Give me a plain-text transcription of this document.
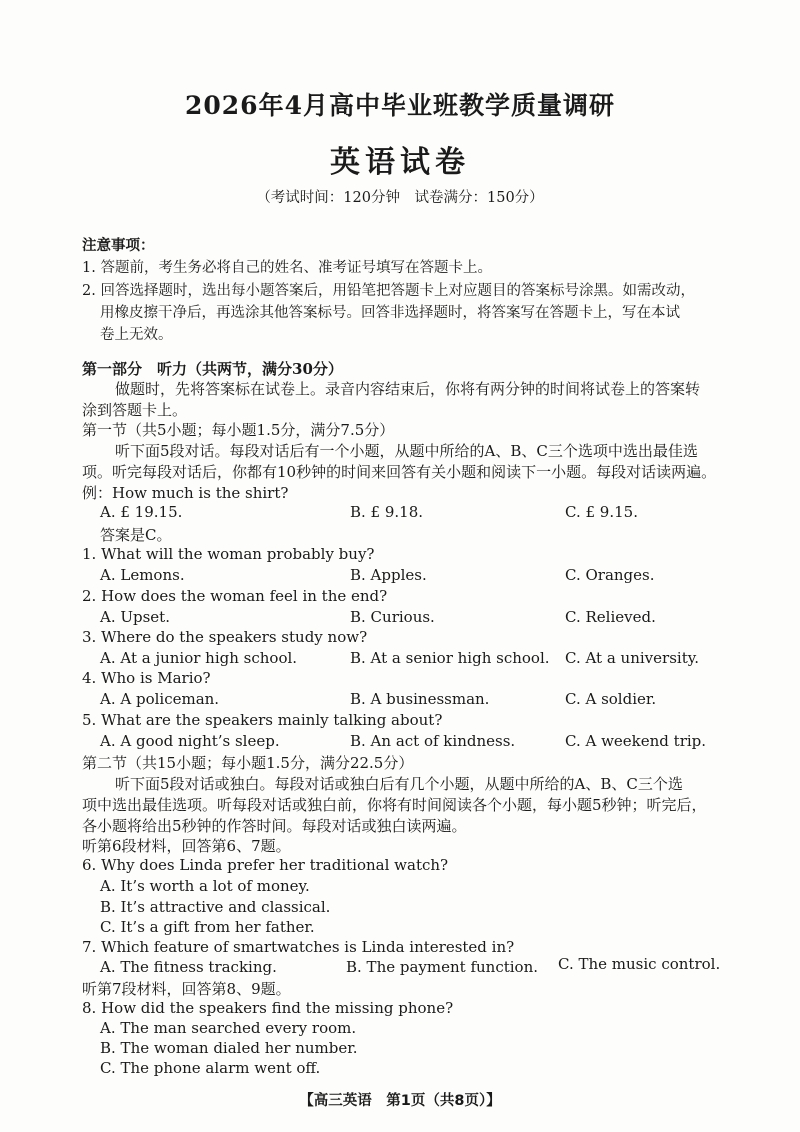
2026年4月高中毕业班教学质量调研
英语试卷
（考试时间：120分钟　试卷满分：150分）
注意事项：
1. 答题前，考生务必将自己的姓名、准考证号填写在答题卡上。
2. 回答选择题时，选出每小题答案后，用铅笔把答题卡上对应题目的答案标号涂黑。如需改动，
用橡皮擦干净后，再选涂其他答案标号。回答非选择题时，将答案写在答题卡上，写在本试
卷上无效。
第一部分　听力（共两节，满分30分）
做题时，先将答案标在试卷上。录音内容结束后，你将有两分钟的时间将试卷上的答案转
涂到答题卡上。
第一节（共5小题；每小题1.5分，满分7.5分）
听下面5段对话。每段对话后有一个小题，从题中所给的A、B、C三个选项中选出最佳选
项。听完每段对话后，你都有10秒钟的时间来回答有关小题和阅读下一小题。每段对话读两遍。
例：How much is the shirt?
A. £ 19.15.	B. £ 9.18.	C. £ 9.15.
答案是C。
1. What will the woman probably buy?
A. Lemons.	B. Apples.	C. Oranges.
2. How does the woman feel in the end?
A. Upset.	B. Curious.	C. Relieved.
3. Where do the speakers study now?
A. At a junior high school.	B. At a senior high school. C. At a university.
4. Who is Mario?
A. A policeman.	B. A businessman.	C. A soldier.
5. What are the speakers mainly talking about?
A. A good night’s sleep.	B. An act of kindness.	C. A weekend trip.
第二节（共15小题；每小题1.5分，满分22.5分）
听下面5段对话或独白。每段对话或独白后有几个小题，从题中所给的A、B、C三个选
项中选出最佳选项。听每段对话或独白前，你将有时间阅读各个小题，每小题5秒钟；听完后，
各小题将给出5秒钟的作答时间。每段对话或独白读两遍。
听第6段材料，回答第6、7题。
6. Why does Linda prefer her traditional watch?
A. It’s worth a lot of money.
B. It’s attractive and classical.
C. It’s a gift from her father.
7. Which feature of smartwatches is Linda interested in?
A. The fitness tracking.	B. The payment function. C. The music control.
听第7段材料，回答第8、9题。
8. How did the speakers find the missing phone?
A. The man searched every room.
B. The woman dialed her number.
C. The phone alarm went off.
【高三英语　第1页（共8页）】
